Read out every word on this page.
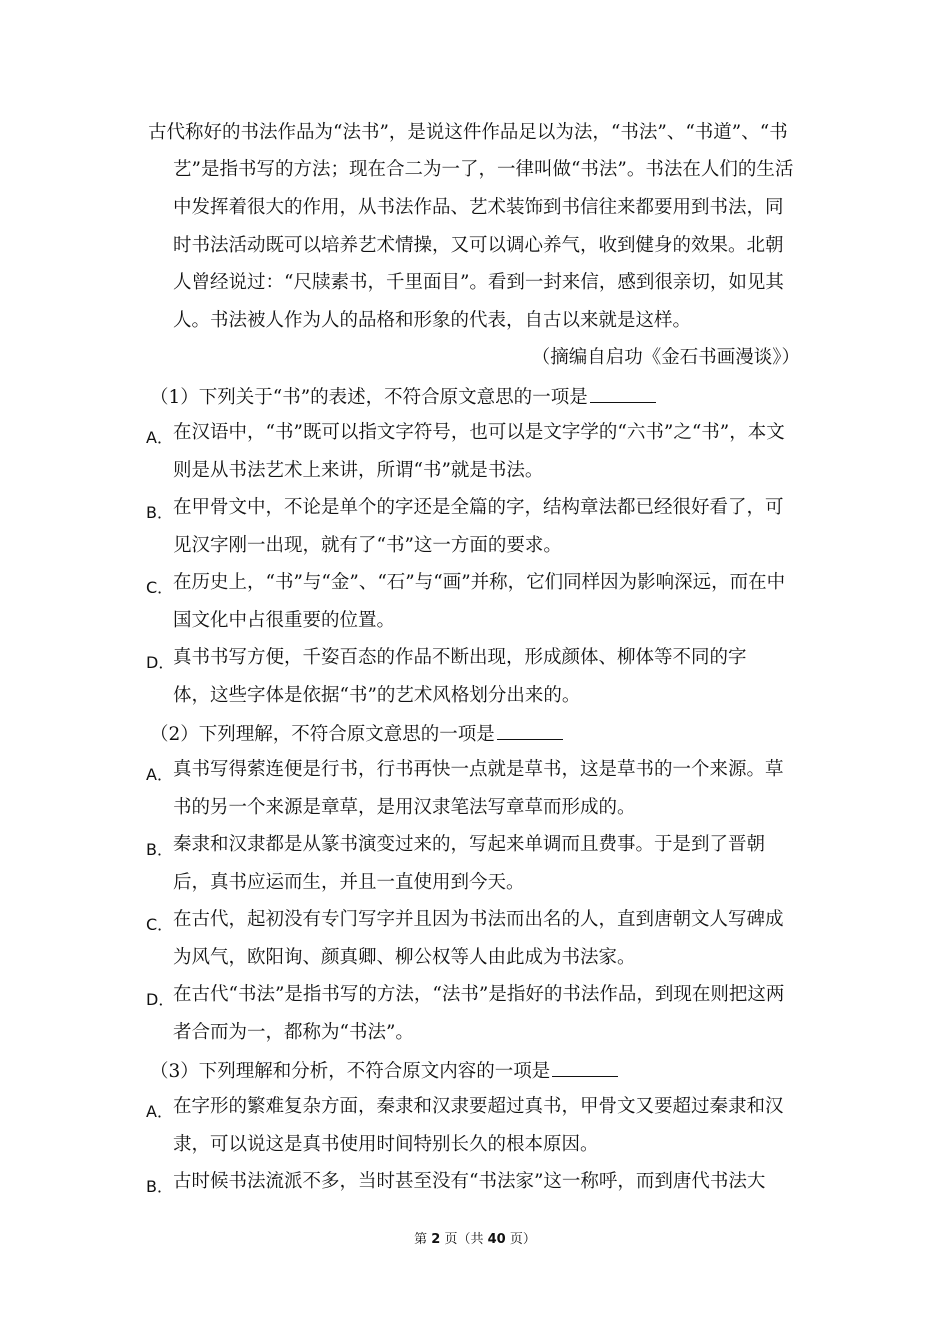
古代称好的书法作品为“法书”，是说这件作品足以为法，“书法”、“书道”、“书
艺”是指书写的方法；现在合二为一了，一律叫做“书法”。书法在人们的生活
中发挥着很大的作用，从书法作品、艺术装饰到书信往来都要用到书法，同
时书法活动既可以培养艺术情操，又可以调心养气，收到健身的效果。北朝
人曾经说过：“尺牍素书，千里面目”。看到一封来信，感到很亲切，如见其
人。书法被人作为人的品格和形象的代表，自古以来就是这样。
（摘编自启功《金石书画漫谈》）
（1）下列关于“书”的表述，不符合原文意思的一项是
A． 在汉语中，“书”既可以指文字符号，也可以是文字学的“六书”之“书”，本文
则是从书法艺术上来讲，所谓“书”就是书法。
B． 在甲骨文中，不论是单个的字还是全篇的字，结构章法都已经很好看了，可
见汉字刚一出现，就有了“书”这一方面的要求。
C． 在历史上，“书”与“金”、“石”与“画”并称，它们同样因为影响深远，而在中
国文化中占很重要的位置。
D．
真书书写方便，千姿百态的作品不断出现，形成颜体、柳体等不同的字
体，这些字体是依据“书”的艺术风格划分出来的。
（2）下列理解，不符合原文意思的一项是
A． 真书写得萦连便是行书，行书再快一点就是草书，这是草书的一个来源。草
书的另一个来源是章草，是用汉隶笔法写章草而形成的。
B． 秦隶和汉隶都是从篆书演变过来的，写起来单调而且费事。于是到了晋朝
后，真书应运而生，并且一直使用到今天。
C． 在古代，起初没有专门写字并且因为书法而出名的人，直到唐朝文人写碑成
为风气，欧阳询、颜真卿、柳公权等人由此成为书法家。
D．
在古代“书法”是指书写的方法，“法书”是指好的书法作品，到现在则把这两
者合而为一，都称为“书法”。
（3）下列理解和分析，不符合原文内容的一项是
A． 在字形的繁难复杂方面，秦隶和汉隶要超过真书，甲骨文又要超过秦隶和汉
隶，可以说这是真书使用时间特别长久的根本原因。
B． 古时候书法流派不多，当时甚至没有“书法家”这一称呼，而到唐代书法大
第 2 页（共 40 页）
